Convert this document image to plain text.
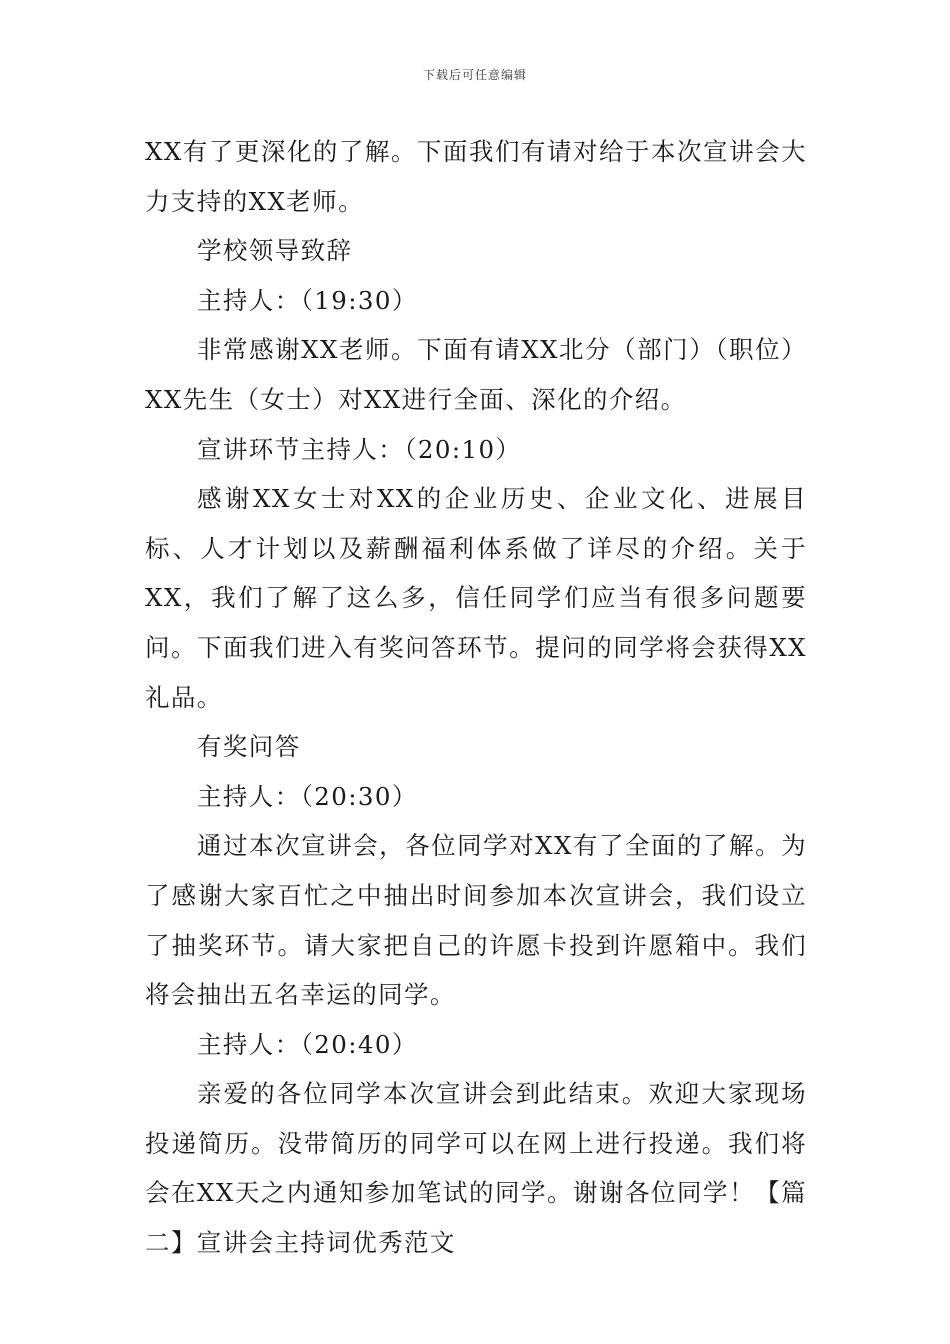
下载后可任意编辑

XX有了更深化的了解。下面我们有请对给于本次宣讲会大力支持的XX老师。

学校领导致辞

主持人：（19:30）

非常感谢XX老师。下面有请XX北分（部门）（职位）XX先生（女士）对XX进行全面、深化的介绍。

宣讲环节主持人：（20:10）

感谢XX女士对XX的企业历史、企业文化、进展目标、人才计划以及薪酬福利体系做了详尽的介绍。关于XX，我们了解了这么多，信任同学们应当有很多问题要问。下面我们进入有奖问答环节。提问的同学将会获得XX礼品。

有奖问答

主持人：（20:30）

通过本次宣讲会，各位同学对XX有了全面的了解。为了感谢大家百忙之中抽出时间参加本次宣讲会，我们设立了抽奖环节。请大家把自己的许愿卡投到许愿箱中。我们将会抽出五名幸运的同学。

主持人：（20:40）

亲爱的各位同学本次宣讲会到此结束。欢迎大家现场投递简历。没带简历的同学可以在网上进行投递。我们将会在XX天之内通知参加笔试的同学。谢谢各位同学！【篇二】宣讲会主持词优秀范文
